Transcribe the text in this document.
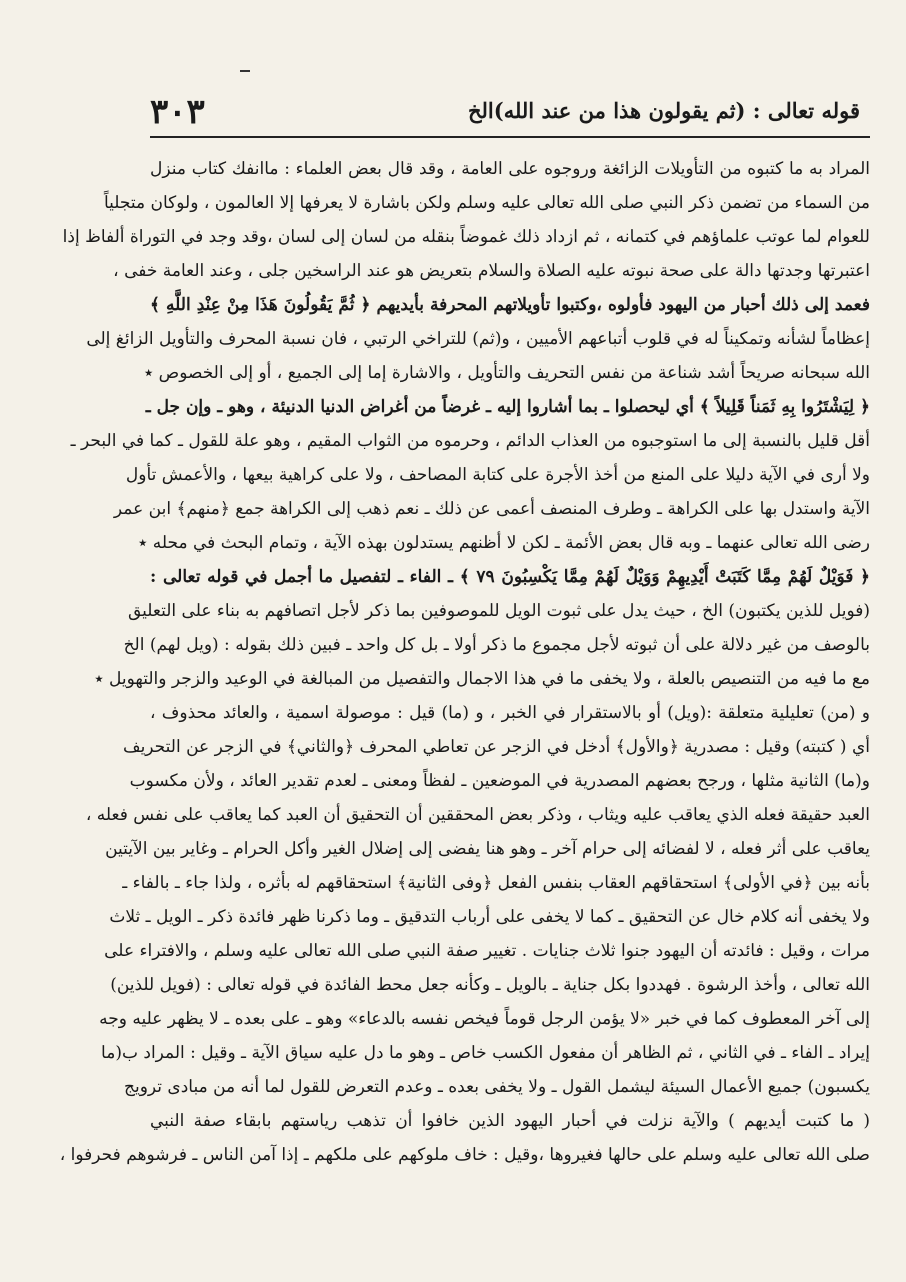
٣٠٣	قوله تعالى : (ثم يقولون هذا من عند الله)الخ
المراد به ما كتبوه من التأويلات الزائغة وروجوه على العامة ، وقد قال بعض العلماء : ماانفك كتاب منزل
من السماء من تضمن ذكر النبي صلى الله تعالى عليه وسلم ولكن باشارة لا يعرفها إلا العالمون ، ولوكان متجلياً
للعوام لما عوتب علماؤهم في كتمانه ، ثم ازداد ذلك غموضاً بنقله من لسان إلى لسان ،وقد وجد في التوراة ألفاظ إذا
اعتبرتها وجدتها دالة على صحة نبوته عليه الصلاة والسلام بتعريض هو عند الراسخين جلى ، وعند العامة خفى ،
فعمد إلى ذلك أحبار من اليهود فأولوه ،وكتبوا تأويلاتهم المحرفة بأيديهم ﴿ ثُمَّ يَقُولُونَ هَذَا مِنْ عِنْدِ اللَّهِ ﴾
إعظاماً لشأنه وتمكيناً له في قلوب أتباعهم الأميين ، و(ثم) للتراخي الرتبي ، فان نسبة المحرف والتأويل الزائغ إلى
الله سبحانه صريحاً أشد شناعة من نفس التحريف والتأويل ، والاشارة إما إلى الجميع ، أو إلى الخصوص ٭
﴿ لِيَشْتَرُوا بِهِ ثَمَناً قَلِيلاً ﴾ أي ليحصلوا ـ بما أشاروا إليه ـ غرضاً من أغراض الدنيا الدنيئة ، وهو ـ وإن جل ـ
أقل قليل بالنسبة إلى ما استوجبوه من العذاب الدائم ، وحرموه من الثواب المقيم ، وهو علة للقول ـ كما في البحر ـ
ولا أرى في الآية دليلا على المنع من أخذ الأجرة على كتابة المصاحف ، ولا على كراهية بيعها ، والأعمش تأول
الآية واستدل بها على الكراهة ـ وطرف المنصف أعمى عن ذلك ـ نعم ذهب إلى الكراهة جمع ﴿منهم﴾ ابن عمر
رضى الله تعالى عنهما ـ وبه قال بعض الأئمة ـ لكن لا أظنهم يستدلون بهذه الآية ، وتمام البحث في محله ٭
﴿ فَوَيْلٌ لَهُمْ مِمَّا كَتَبَتْ أَيْدِيهِمْ وَوَيْلٌ لَهُمْ مِمَّا يَكْسِبُونَ ٧٩ ﴾ ـ الفاء ـ لتفصيل ما أجمل في قوله تعالى :
(فويل للذين يكتبون) الخ ، حيث يدل على ثبوت الويل للموصوفين بما ذكر لأجل اتصافهم به بناء على التعليق
بالوصف من غير دلالة على أن ثبوته لأجل مجموع ما ذكر أولا ـ بل كل واحد ـ فبين ذلك بقوله : (ويل لهم) الخ
مع ما فيه من التنصيص بالعلة ، ولا يخفى ما في هذا الاجمال والتفصيل من المبالغة في الوعيد والزجر والتهويل ٭
و (من) تعليلية متعلقة :(ويل) أو بالاستقرار في الخبر ، و (ما) قيل : موصولة اسمية ، والعائد محذوف ،
أي ( كتبته) وقيل : مصدرية ﴿والأول﴾ أدخل في الزجر عن تعاطي المحرف ﴿والثاني﴾ في الزجر عن التحريف
و(ما) الثانية مثلها ، ورجح بعضهم المصدرية في الموضعين ـ لفظاً ومعنى ـ لعدم تقدير العائد ، ولأن مكسوب
العبد حقيقة فعله الذي يعاقب عليه ويثاب ، وذكر بعض المحققين أن التحقيق أن العبد كما يعاقب على نفس فعله ،
يعاقب على أثر فعله ، لا لفضائه إلى حرام آخر ـ وهو هنا يفضى إلى إضلال الغير وأكل الحرام ـ وغاير بين الآيتين
بأنه بين ﴿في الأولى﴾ استحقاقهم العقاب بنفس الفعل ﴿وفى الثانية﴾ استحقاقهم له بأثره ، ولذا جاء ـ بالفاء ـ
ولا يخفى أنه كلام خال عن التحقيق ـ كما لا يخفى على أرباب التدقيق ـ وما ذكرنا ظهر فائدة ذكر ـ الويل ـ ثلاث
مرات ، وقيل : فائدته أن اليهود جنوا ثلاث جنايات . تغيير صفة النبي صلى الله تعالى عليه وسلم ، والافتراء على
الله تعالى ، وأخذ الرشوة . فهددوا بكل جناية ـ بالويل ـ وكأنه جعل محط الفائدة في قوله تعالى : (فويل للذين)
إلى آخر المعطوف كما في خبر «لا يؤمن الرجل قوماً فيخص نفسه بالدعاء» وهو ـ على بعده ـ لا يظهر عليه وجه
إيراد ـ الفاء ـ في الثاني ، ثم الظاهر أن مفعول الكسب خاص ـ وهو ما دل عليه سياق الآية ـ وقيل : المراد ب(ما
يكسبون) جميع الأعمال السيئة ليشمل القول ـ ولا يخفى بعده ـ وعدم التعرض للقول لما أنه من مبادى ترويج
( ما كتبت أيديهم ) والآية نزلت في أحبار اليهود الذين خافوا أن تذهب رياستهم بابقاء صفة النبي
صلى الله تعالى عليه وسلم على حالها فغيروها ،وقيل : خاف ملوكهم على ملكهم ـ إذا آمن الناس ـ فرشوهم فحرفوا ،
